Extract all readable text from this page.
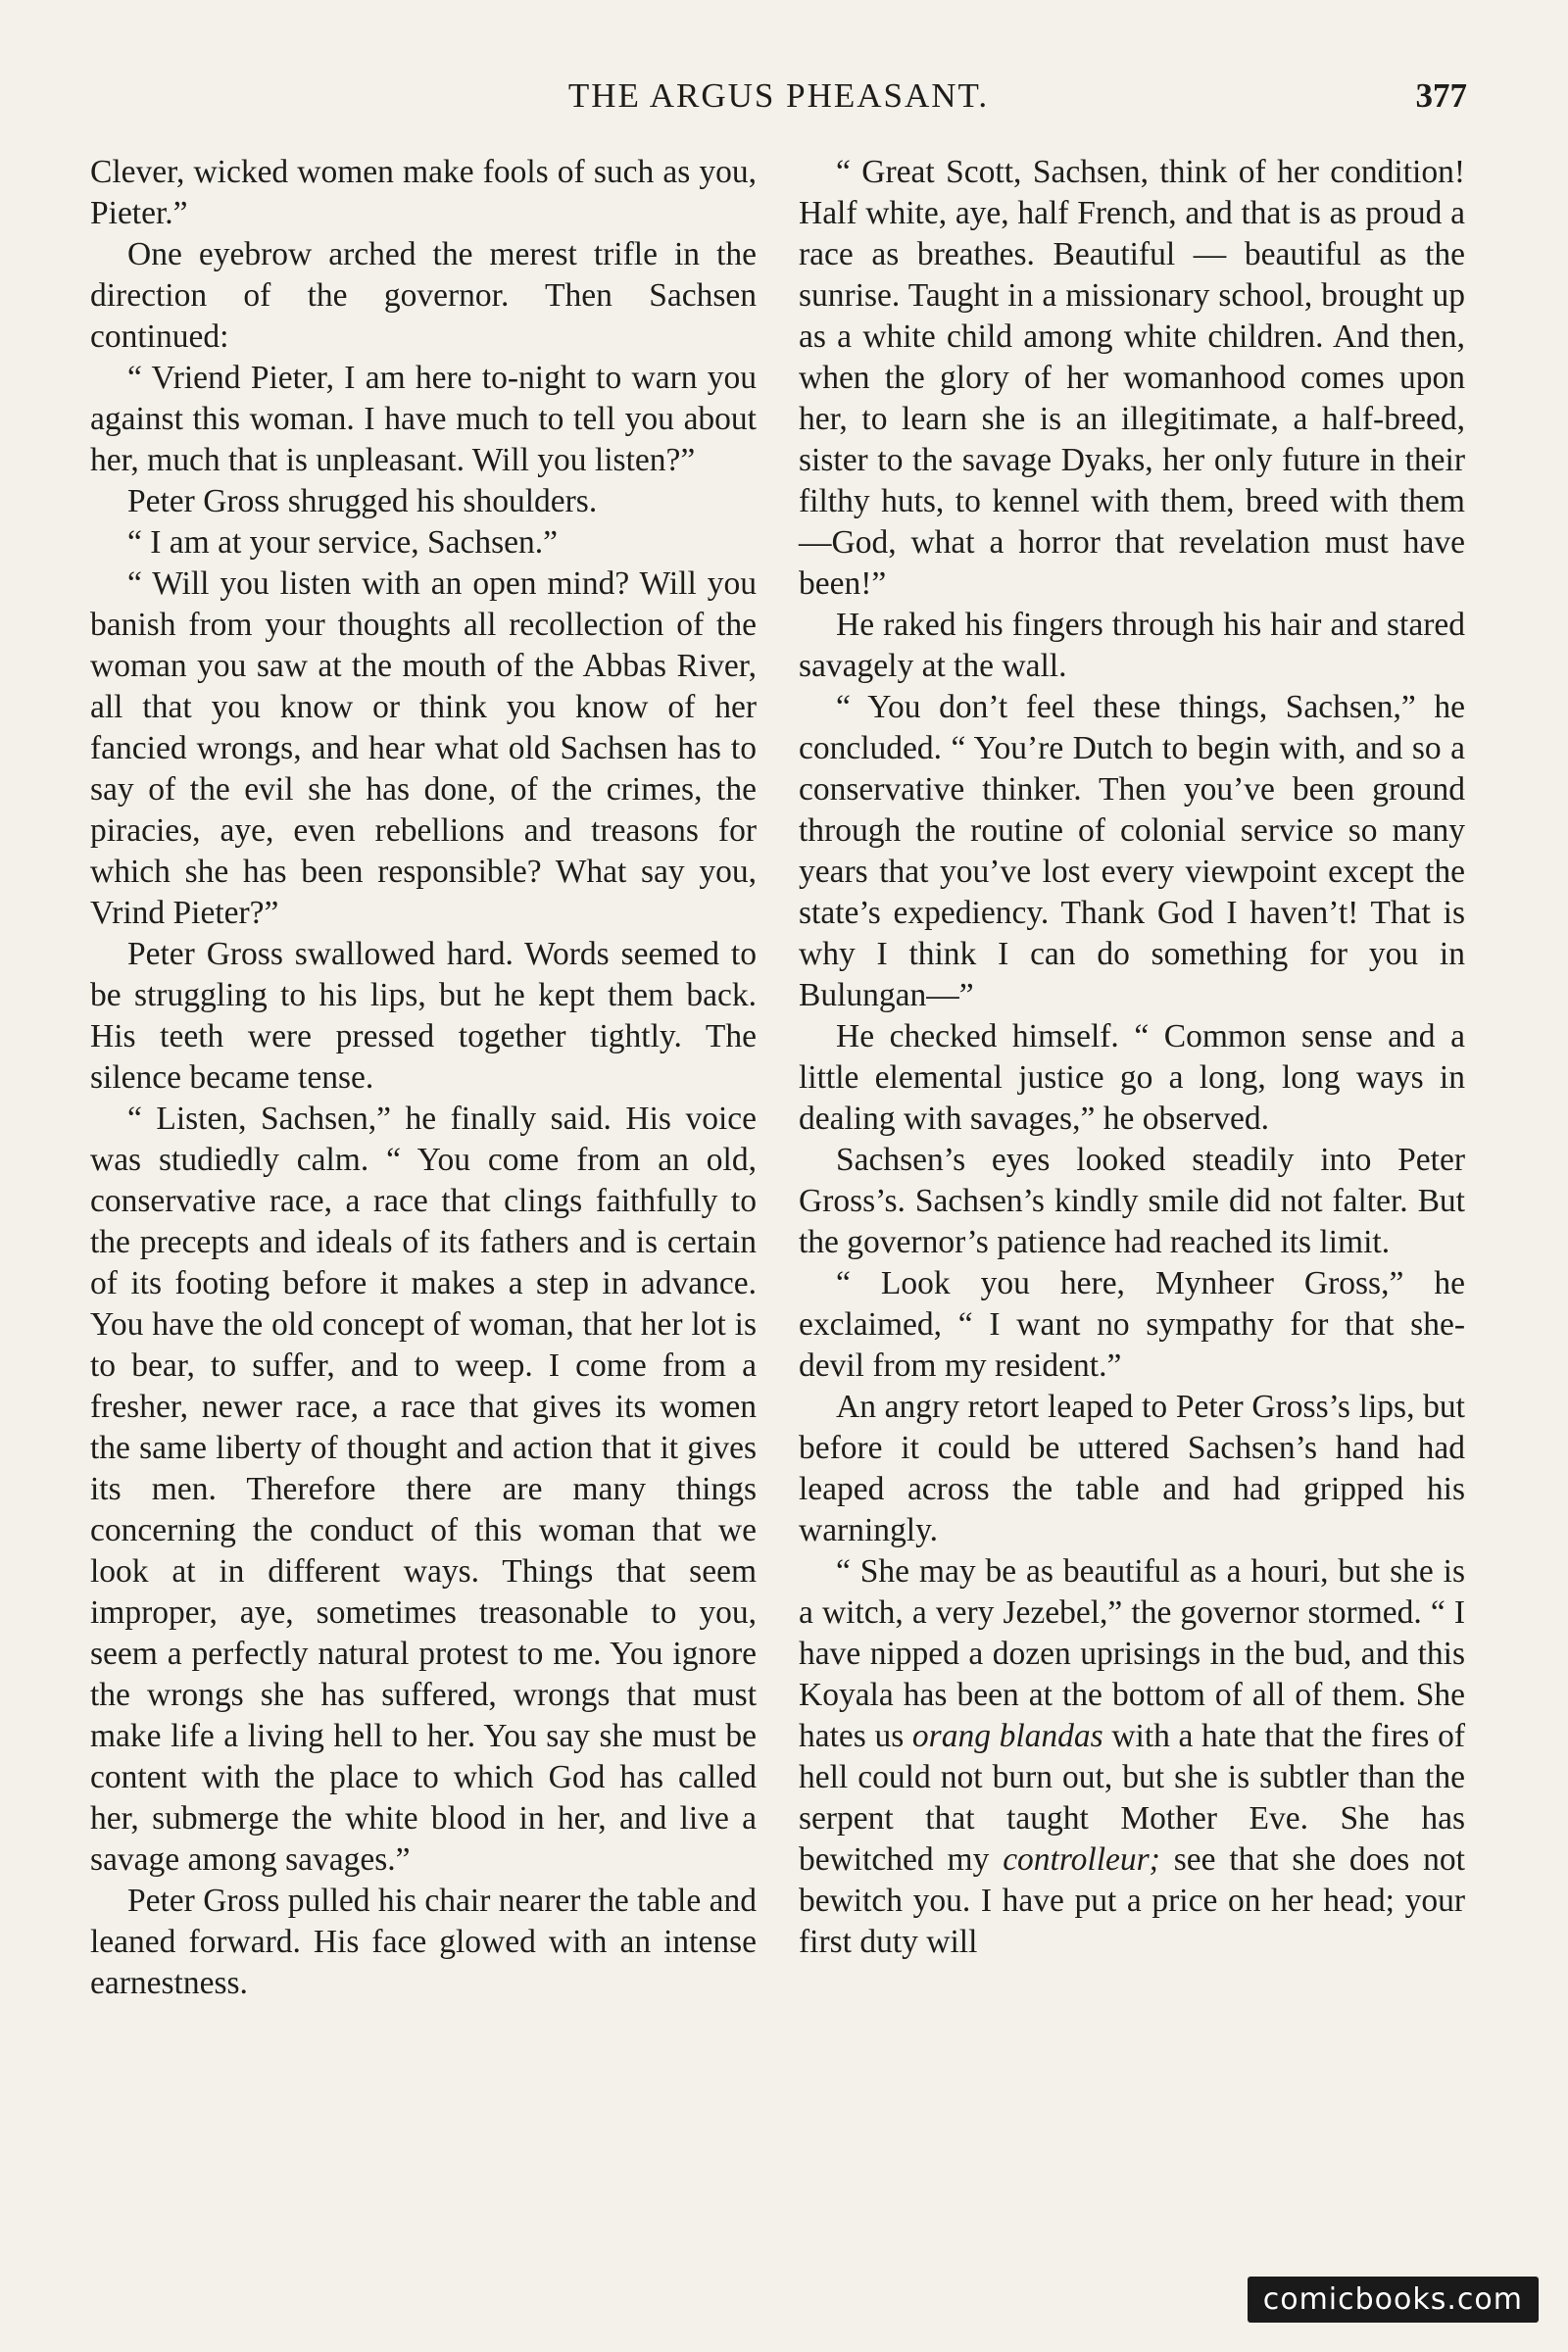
THE ARGUS PHEASANT.	377

Clever, wicked women make fools of such as you, Pieter.”

One eyebrow arched the merest trifle in the direction of the governor. Then Sachsen continued:

“ Vriend Pieter, I am here to-night to warn you against this woman. I have much to tell you about her, much that is unpleasant. Will you listen?”

Peter Gross shrugged his shoulders.

“ I am at your service, Sachsen.”

“ Will you listen with an open mind? Will you banish from your thoughts all recollection of the woman you saw at the mouth of the Abbas River, all that you know or think you know of her fancied wrongs, and hear what old Sachsen has to say of the evil she has done, of the crimes, the piracies, aye, even rebellions and treasons for which she has been responsible? What say you, Vrind Pieter?”

Peter Gross swallowed hard. Words seemed to be struggling to his lips, but he kept them back. His teeth were pressed together tightly. The silence became tense.

“ Listen, Sachsen,” he finally said. His voice was studiedly calm. “ You come from an old, conservative race, a race that clings faithfully to the precepts and ideals of its fathers and is certain of its footing before it makes a step in advance. You have the old concept of woman, that her lot is to bear, to suffer, and to weep. I come from a fresher, newer race, a race that gives its women the same liberty of thought and action that it gives its men. Therefore there are many things concerning the conduct of this woman that we look at in different ways. Things that seem improper, aye, sometimes treasonable to you, seem a perfectly natural protest to me. You ignore the wrongs she has suffered, wrongs that must make life a living hell to her. You say she must be content with the place to which God has called her, submerge the white blood in her, and live a savage among savages.”

Peter Gross pulled his chair nearer the table and leaned forward. His face glowed with an intense earnestness.

“ Great Scott, Sachsen, think of her condition! Half white, aye, half French, and that is as proud a race as breathes. Beautiful — beautiful as the sunrise. Taught in a missionary school, brought up as a white child among white children. And then, when the glory of her womanhood comes upon her, to learn she is an illegitimate, a half-breed, sister to the savage Dyaks, her only future in their filthy huts, to kennel with them, breed with them—God, what a horror that revelation must have been!”

He raked his fingers through his hair and stared savagely at the wall.

“ You don’t feel these things, Sachsen,” he concluded. “ You’re Dutch to begin with, and so a conservative thinker. Then you’ve been ground through the routine of colonial service so many years that you’ve lost every viewpoint except the state’s expediency. Thank God I haven’t! That is why I think I can do something for you in Bulungan—”

He checked himself. “ Common sense and a little elemental justice go a long, long ways in dealing with savages,” he observed.

Sachsen’s eyes looked steadily into Peter Gross’s. Sachsen’s kindly smile did not falter. But the governor’s patience had reached its limit.

“ Look you here, Mynheer Gross,” he exclaimed, “ I want no sympathy for that she-devil from my resident.”

An angry retort leaped to Peter Gross’s lips, but before it could be uttered Sachsen’s hand had leaped across the table and had gripped his warningly.

“ She may be as beautiful as a houri, but she is a witch, a very Jezebel,” the governor stormed. “ I have nipped a dozen uprisings in the bud, and this Koyala has been at the bottom of all of them. She hates us orang blandas with a hate that the fires of hell could not burn out, but she is subtler than the serpent that taught Mother Eve. She has bewitched my controlleur; see that she does not bewitch you. I have put a price on her head; your first duty will

comicbooks.com
